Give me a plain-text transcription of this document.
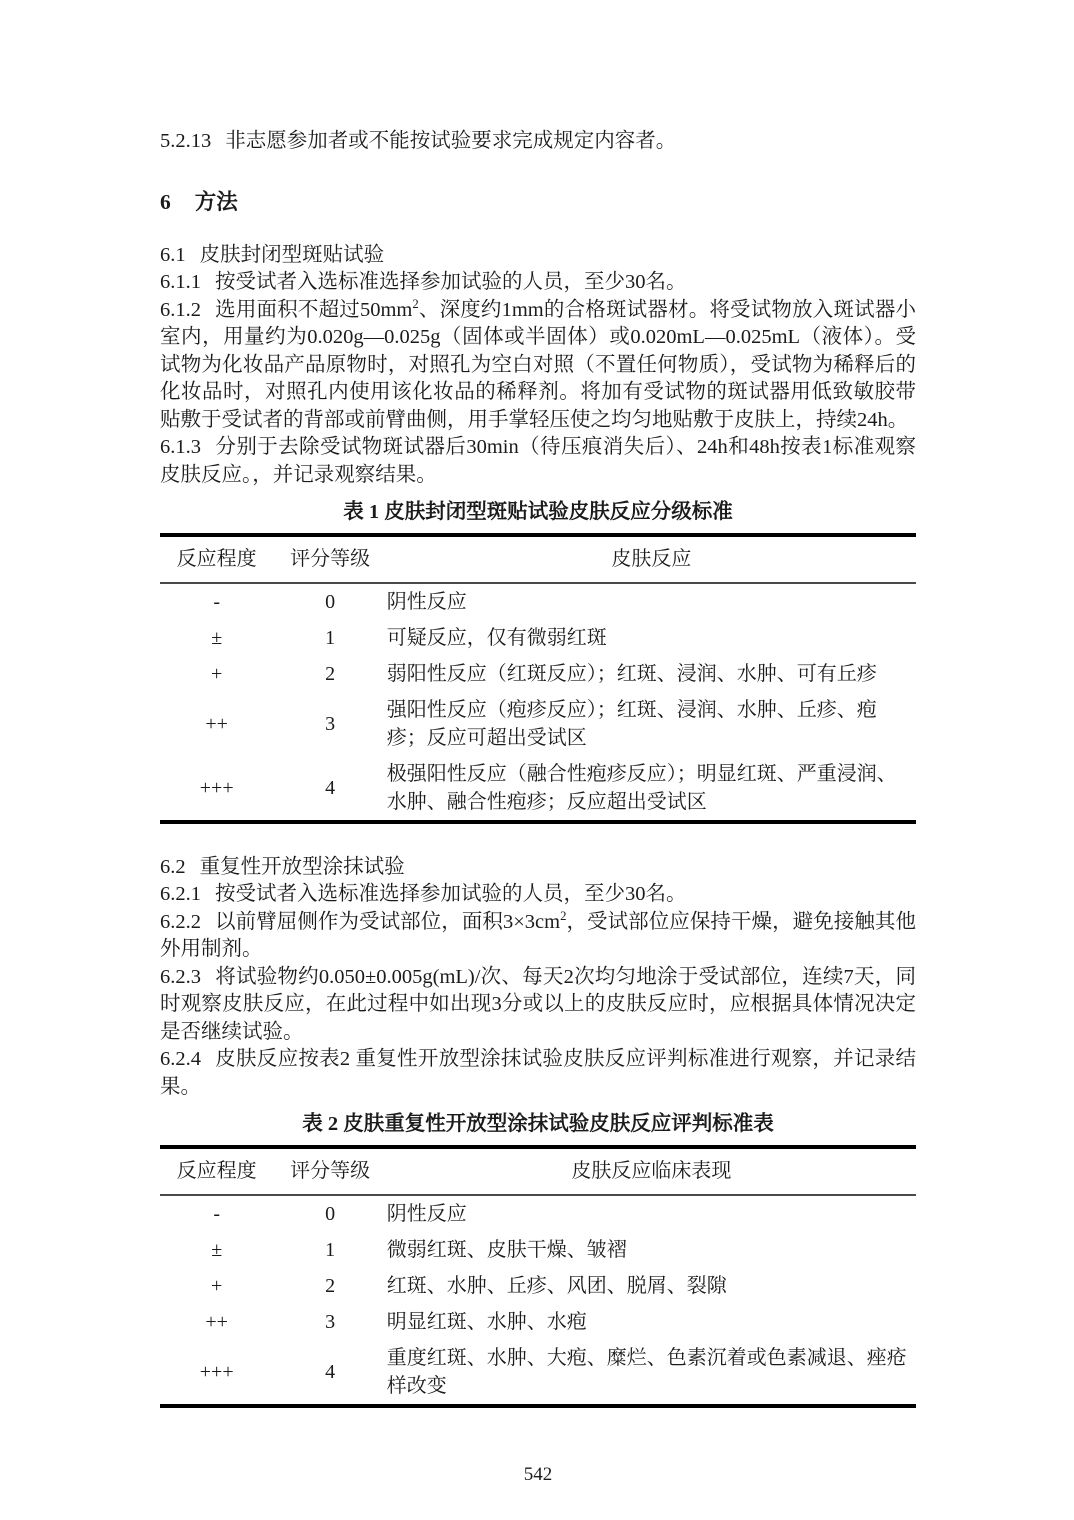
5.2.13 非志愿参加者或不能按试验要求完成规定内容者。

6 方法

6.1 皮肤封闭型斑贴试验

6.1.1 按受试者入选标准选择参加试验的人员，至少30名。

6.1.2 选用面积不超过$50mm^2$、深度约1mm的合格斑试器材。将受试物放入斑试器小室内，用量约为0.020g—0.025g（固体或半固体）或0.020mL—0.025mL（液体）。受试物为化妆品产品原物时，对照孔为空白对照（不置任何物质），受试物为稀释后的化妆品时，对照孔内使用该化妆品的稀释剂。将加有受试物的斑试器用低致敏胶带贴敷于受试者的背部或前臂曲侧，用手掌轻压使之均匀地贴敷于皮肤上，持续24h。

6.1.3 分别于去除受试物斑试器后30min（待压痕消失后）、24h和48h按表1标准观察皮肤反应。，并记录观察结果。

表 1 皮肤封闭型斑贴试验皮肤反应分级标准

反应程度	评分等级	皮肤反应
-	0	阴性反应
±	1	可疑反应，仅有微弱红斑
+	2	弱阳性反应（红斑反应）；红斑、浸润、水肿、可有丘疹
++	3	强阳性反应（疱疹反应）；红斑、浸润、水肿、丘疹、疱疹；反应可超出受试区
+++	4	极强阳性反应（融合性疱疹反应）；明显红斑、严重浸润、水肿、融合性疱疹；反应超出受试区

6.2 重复性开放型涂抹试验

6.2.1 按受试者入选标准选择参加试验的人员，至少30名。

6.2.2 以前臂屈侧作为受试部位，面积$3\times 3cm^2$，受试部位应保持干燥，避免接触其他外用制剂。

6.2.3 将试验物约0.050±0.005g(mL)/次、每天2次均匀地涂于受试部位，连续7天，同时观察皮肤反应，在此过程中如出现3分或以上的皮肤反应时，应根据具体情况决定是否继续试验。

6.2.4 皮肤反应按表2 重复性开放型涂抹试验皮肤反应评判标准进行观察，并记录结果。

表 2 皮肤重复性开放型涂抹试验皮肤反应评判标准表

反应程度	评分等级	皮肤反应临床表现
-	0	阴性反应
±	1	微弱红斑、皮肤干燥、皱褶
+	2	红斑、水肿、丘疹、风团、脱屑、裂隙
++	3	明显红斑、水肿、水疱
+++	4	重度红斑、水肿、大疱、糜烂、色素沉着或色素减退、痤疮样改变

542
